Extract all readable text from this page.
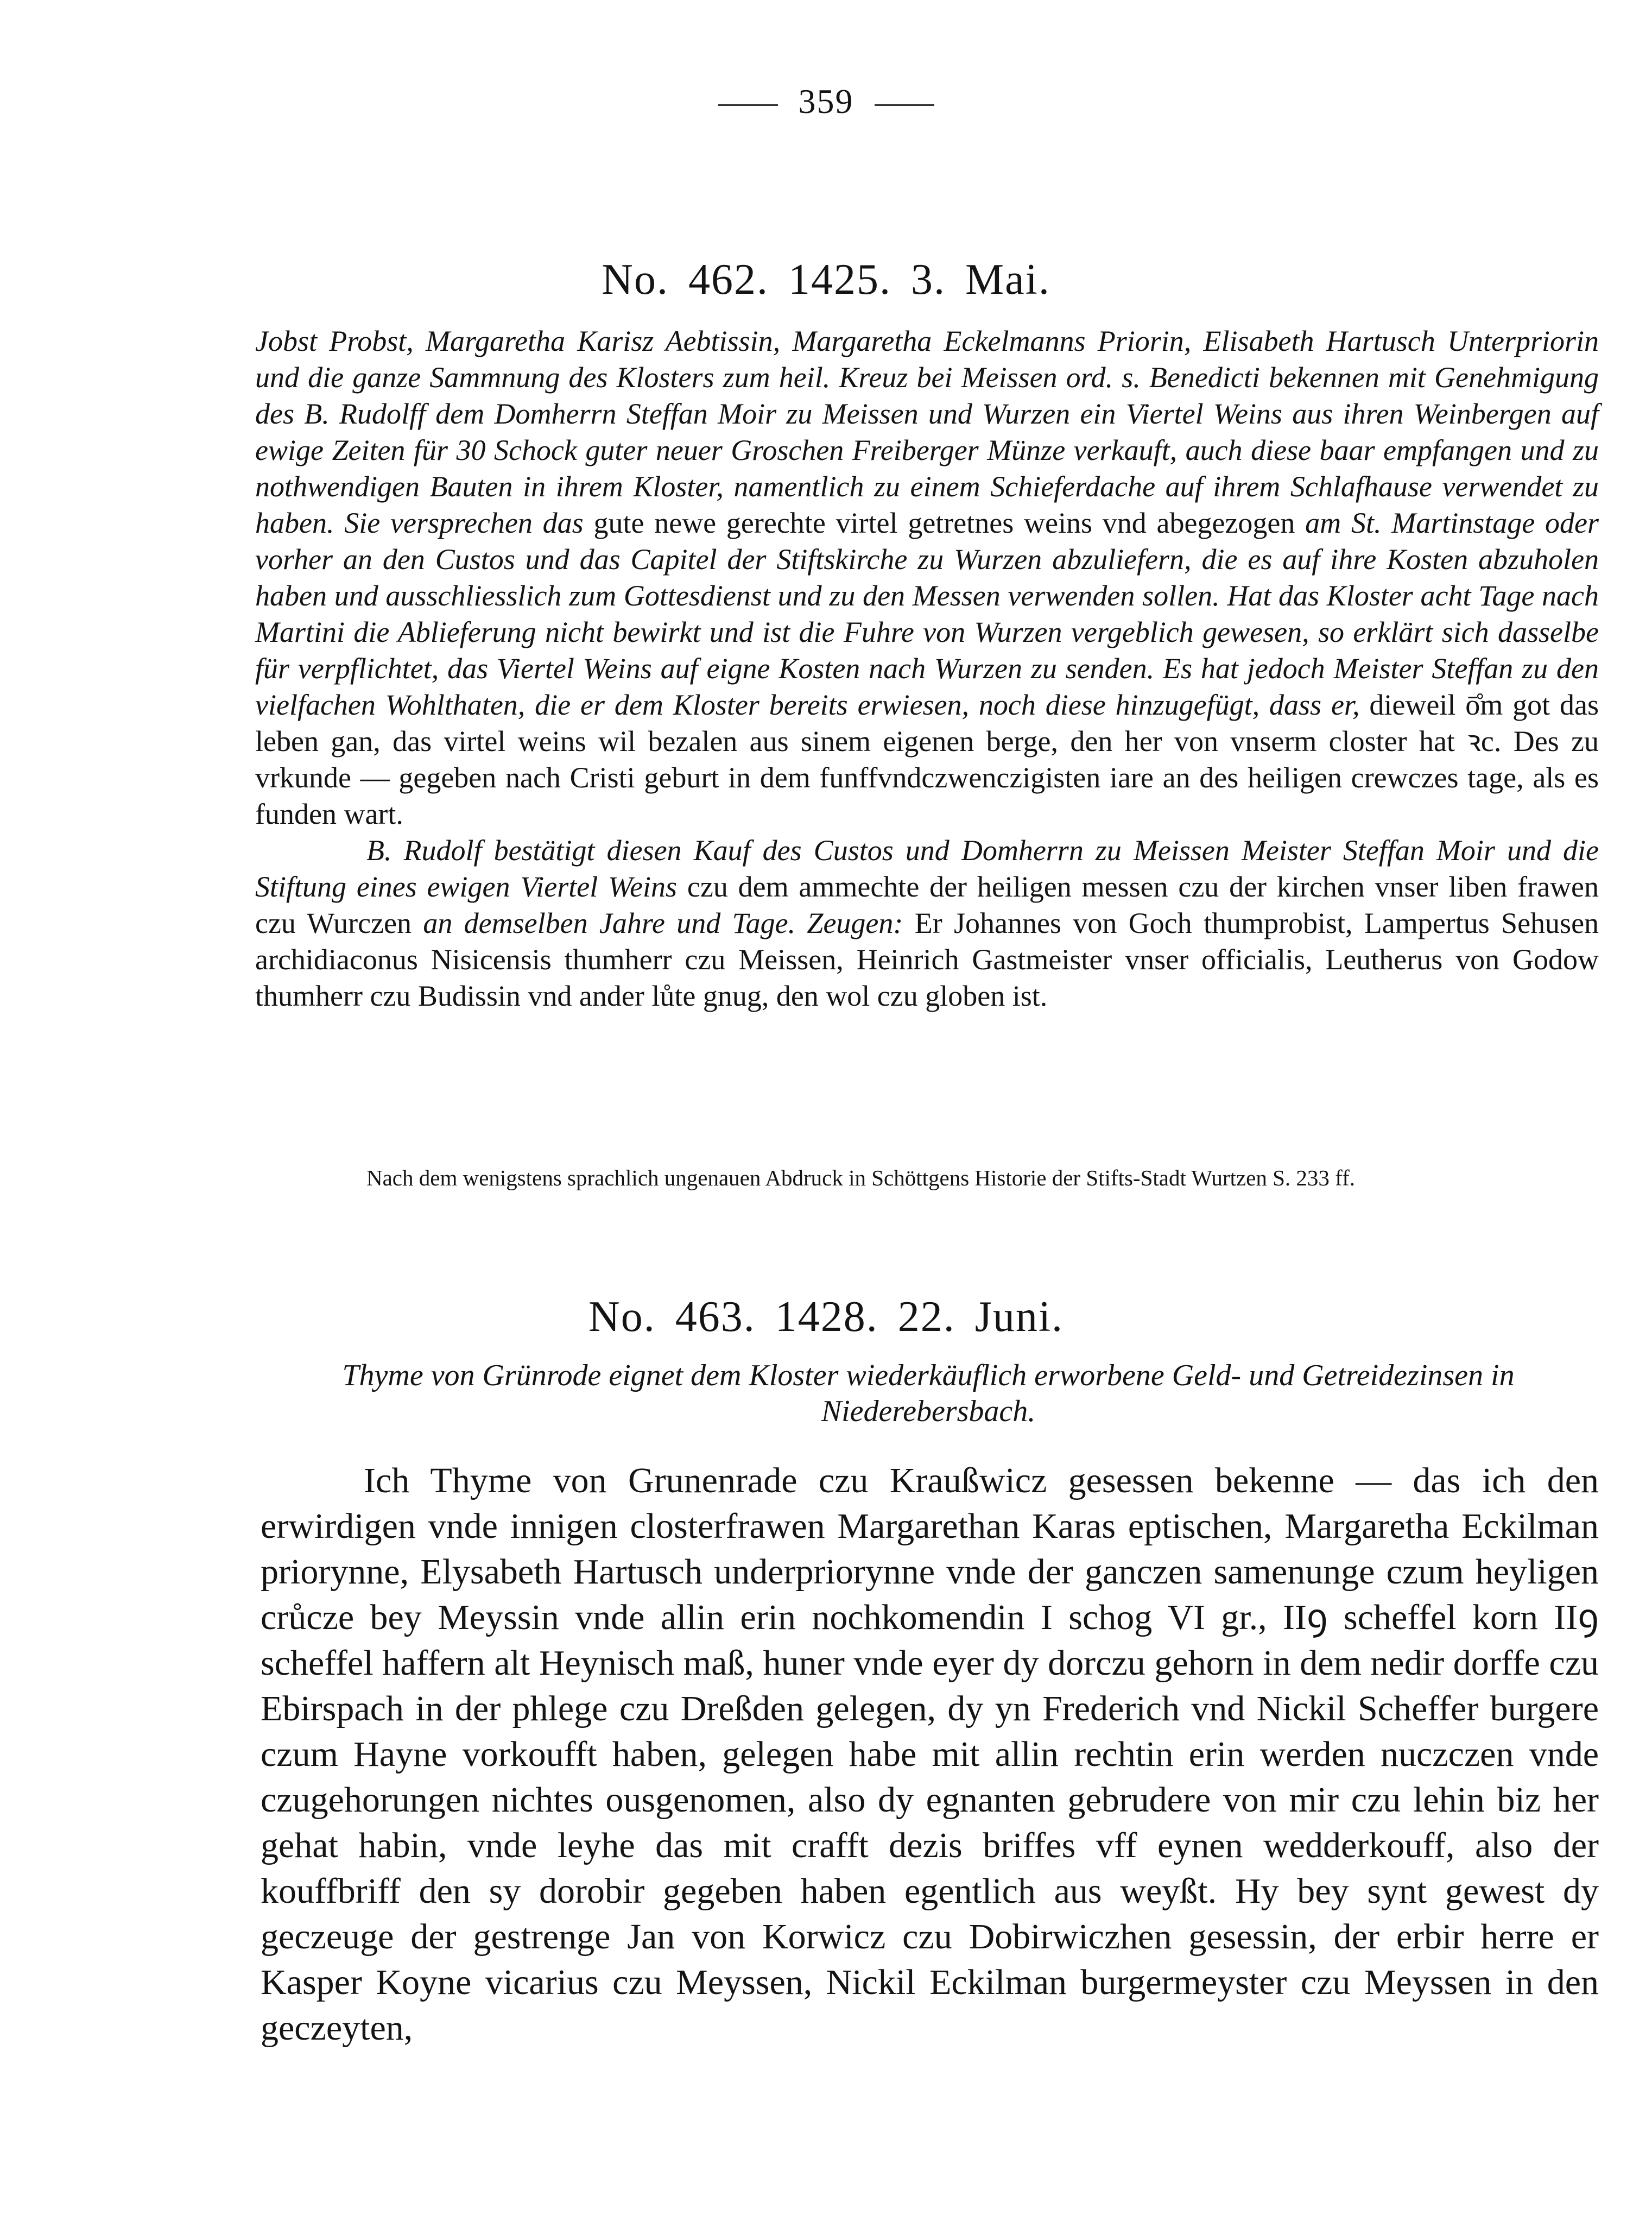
359
No. 462. 1425. 3. Mai.
Jobst Probst, Margaretha Karisz Aebtissin, Margaretha Eckelmanns Priorin, Elisabeth Hartusch Unterpriorin und die ganze Sammnung des Klosters zum heil. Kreuz bei Meissen ord. s. Benedicti bekennen mit Genehmigung des B. Rudolff dem Domherrn Steffan Moir zu Meissen und Wurzen ein Viertel Weins aus ihren Weinbergen auf ewige Zeiten für 30 Schock guter neuer Groschen Freiberger Münze verkauft, auch diese baar empfangen und zu nothwendigen Bauten in ihrem Kloster, namentlich zu einem Schieferdache auf ihrem Schlafhause verwendet zu haben. Sie versprechen das gute newe gerechte virtel getretnes weins vnd abegezogen am St. Martinstage oder vorher an den Custos und das Capitel der Stiftskirche zu Wurzen abzuliefern, die es auf ihre Kosten abzuholen haben und ausschliesslich zum Gottesdienst und zu den Messen verwenden sollen. Hat das Kloster acht Tage nach Martini die Ablieferung nicht bewirkt und ist die Fuhre von Wurzen vergeblich gewesen, so erklärt sich dasselbe für verpflichtet, das Viertel Weins auf eigne Kosten nach Wurzen zu senden. Es hat jedoch Meister Steffan zu den vielfachen Wohlthaten, die er dem Kloster bereits erwiesen, noch diese hinzugefügt, dass er, dieweil ō̊m got das leben gan, das virtel weins wil bezalen aus sinem eigenen berge, den her von vnserm closter hat ꝛc. Des zu vrkunde — gegeben nach Cristi geburt in dem funffvndczwenczigisten iare an des heiligen crewczes tage, als es funden wart.
B. Rudolf bestätigt diesen Kauf des Custos und Domherrn zu Meissen Meister Steffan Moir und die Stiftung eines ewigen Viertel Weins czu dem ammechte der heiligen messen czu der kirchen vnser liben frawen czu Wurczen an demselben Jahre und Tage. Zeugen: Er Johannes von Goch thumprobist, Lampertus Sehusen archidiaconus Nisicensis thumherr czu Meissen, Heinrich Gastmeister vnser officialis, Leutherus von Godow thumherr czu Budissin vnd ander lůte gnug, den wol czu globen ist.
Nach dem wenigstens sprachlich ungenauen Abdruck in Schöttgens Historie der Stifts-Stadt Wurtzen S. 233 ff.
No. 463. 1428. 22. Juni.
Thyme von Grünrode eignet dem Kloster wiederkäuflich erworbene Geld- und Getreidezinsen in Niederebersbach.
Ich Thyme von Grunenrade czu Kraußwicz gesessen bekenne — das ich den erwirdigen vnde innigen closterfrawen Margarethan Karas eptischen, Margaretha Eckilman priorynne, Elysabeth Hartusch underpriorynne vnde der ganczen samenunge czum heyligen crůcze bey Meyssin vnde allin erin nochkomendin I schog VI gr., IIꝯ scheffel korn IIꝯ scheffel haffern alt Heynisch maß, huner vnde eyer dy dorczu gehorn in dem nedir dorffe czu Ebirspach in der phlege czu Dreßden gelegen, dy yn Frederich vnd Nickil Scheffer burgere czum Hayne vorkoufft haben, gelegen habe mit allin rechtin erin werden nuczczen vnde czugehorungen nichtes ousgenomen, also dy egnanten gebrudere von mir czu lehin biz her gehat habin, vnde leyhe das mit crafft dezis briffes vff eynen wedderkouff, also der kouffbriff den sy dorobir gegeben haben egentlich aus weyßt. Hy bey synt gewest dy geczeuge der gestrenge Jan von Korwicz czu Dobirwiczhen gesessin, der erbir herre er Kasper Koyne vicarius czu Meyssen, Nickil Eckilman burgermeyster czu Meyssen in den geczeyten,
